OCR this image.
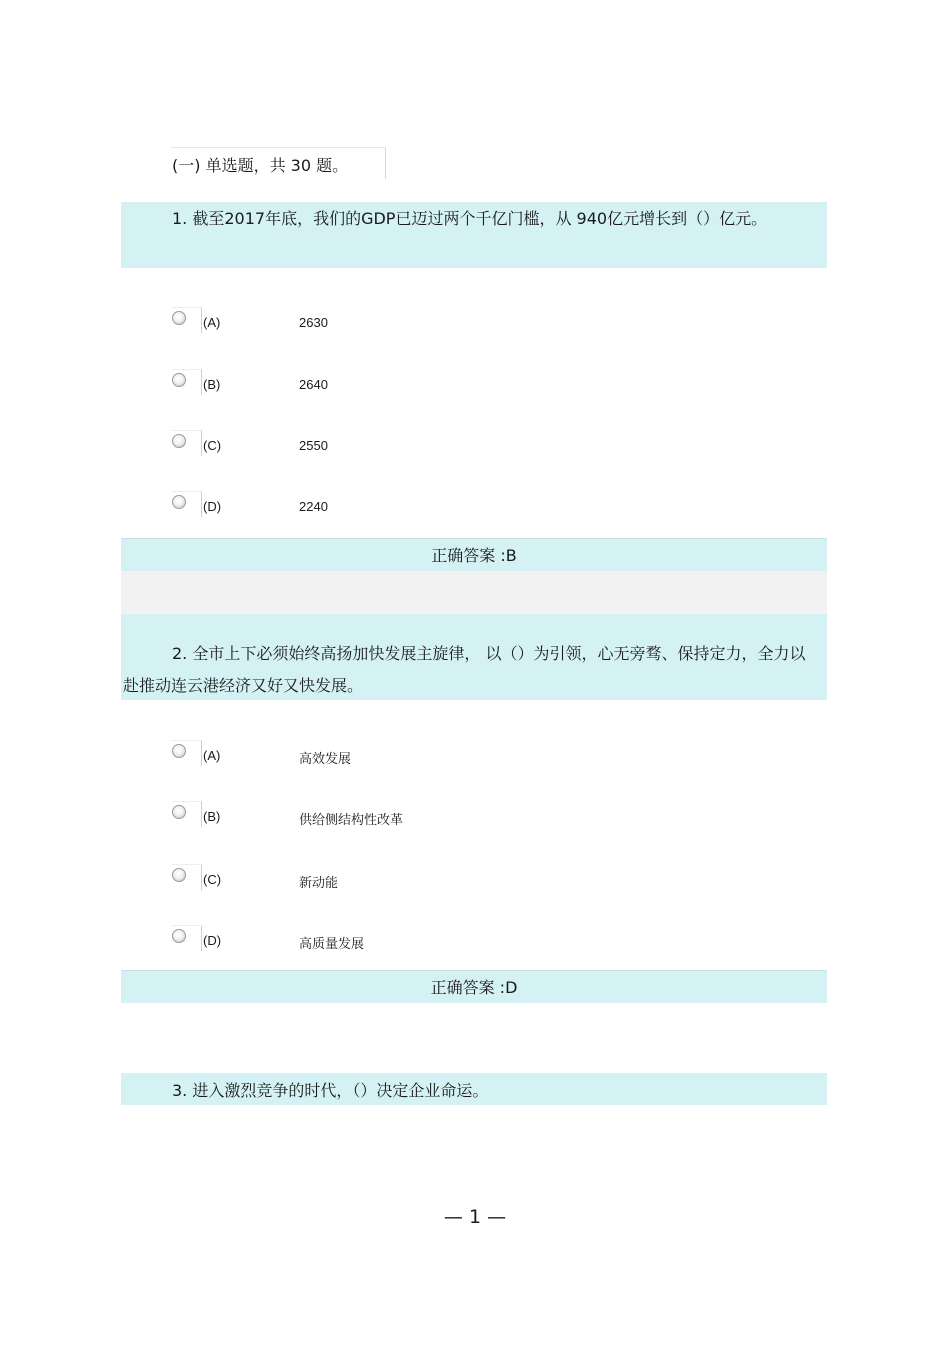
(一) 单选题，共 30 题。
1. 截至2017年底，我们的GDP已迈过两个千亿门槛，从 940亿元增长到（）亿元。
(A)	2630
(B)	2640
(C)	2550
(D)	2240
正确答案 :B
2. 全市上下必须始终高扬加快发展主旋律， 以（）为引领，心无旁骛、保持定力，全力以赴推动连云港经济又好又快发展。
(A)	高效发展
(B)	供给侧结构性改革
(C)	新动能
(D)	高质量发展
正确答案 :D
3. 进入激烈竞争的时代，（）决定企业命运。
— 1 —
